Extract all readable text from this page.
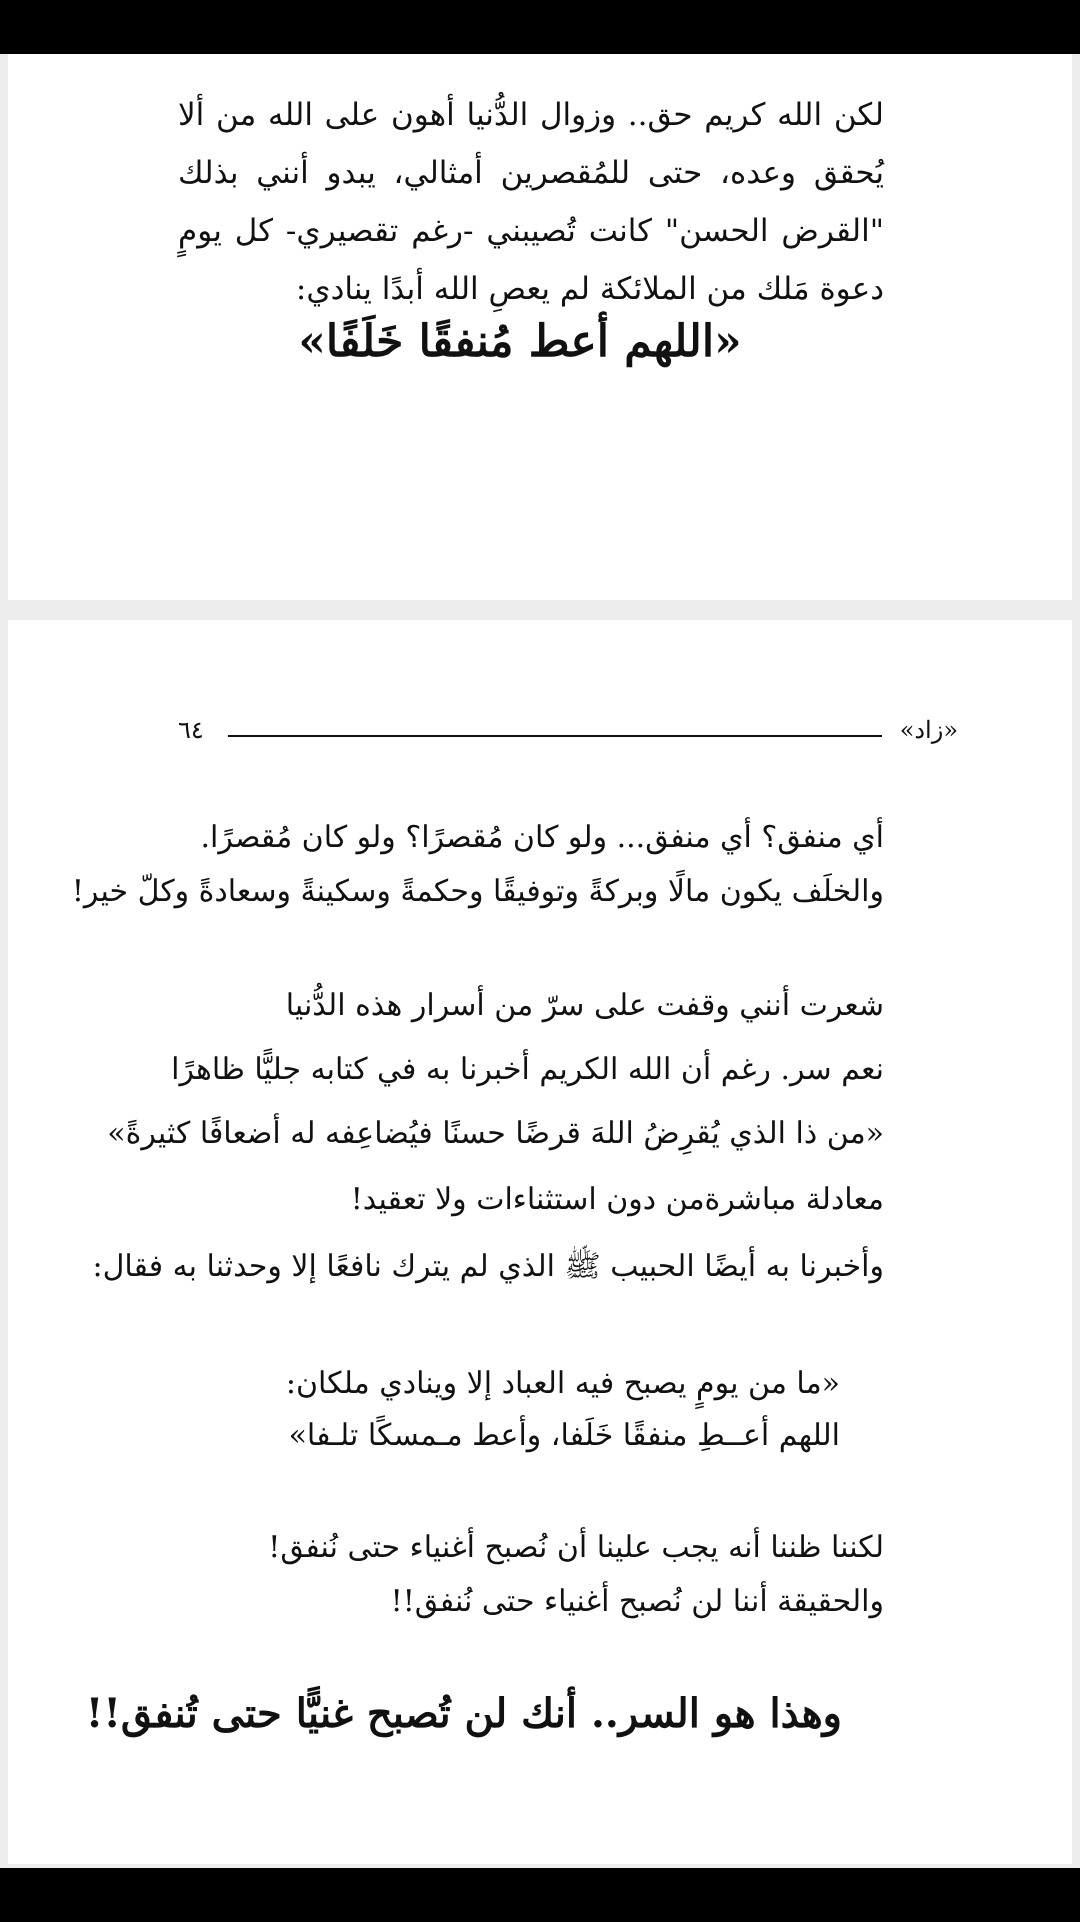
لكن الله كريم حق.. وزوال الدُّنيا أهون على الله من ألا يُحقق وعده، حتى للمُقصرين أمثالي، يبدو أنني بذلك "القرض الحسن" كانت تُصيبني -رغم تقصيري- كل يومٍ دعوة مَلك من الملائكة لم يعصِ الله أبدًا ينادي:
«اللهم أعط مُنفقًا خَلَفًا»
«زاد»
٦٤
أي منفق؟ أي منفق... ولو كان مُقصرًا؟ ولو كان مُقصرًا.
والخلَف يكون مالًا وبركةً وتوفيقًا وحكمةً وسكينةً وسعادةً وكلّ خير!
شعرت أنني وقفت على سرّ من أسرار هذه الدُّنيا
نعم سر. رغم أن الله الكريم أخبرنا به في كتابه جليًّا ظاهرًا
«من ذا الذي يُقرِضُ اللهَ قرضًا حسنًا فيُضاعِفه له أضعافًا كثيرةً»
معادلة مباشرةمن دون استثناءات ولا تعقيد!
وأخبرنا به أيضًا الحبيب ﷺ الذي لم يترك نافعًا إلا وحدثنا به فقال:
«ما من يومٍ يصبح فيه العباد إلا وينادي ملكان:
اللهم أعــطِ منفقًا خَلَفا، وأعط مـمسكًا تلـفا»
لكننا ظننا أنه يجب علينا أن نُصبح أغنياء حتى نُنفق!
والحقيقة أننا لن نُصبح أغنياء حتى نُنفق!!
وهذا هو السر.. أنك لن تُصبح غنيًّا حتى تُنفق!!
